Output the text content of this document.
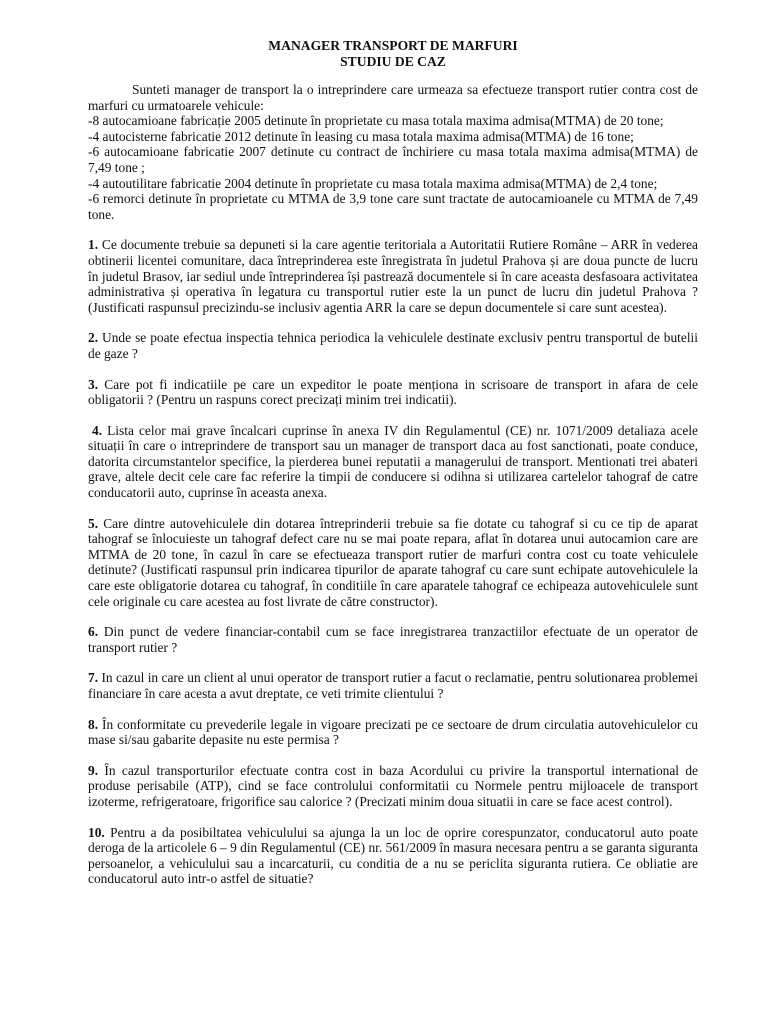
MANAGER TRANSPORT DE MARFURI
STUDIU DE CAZ
Sunteti manager de transport la o intreprindere care urmeaza sa efectueze transport rutier contra cost de marfuri cu urmatoarele vehicule:
-8 autocamioane fabricație 2005 detinute în proprietate cu masa totala maxima admisa(MTMA) de 20 tone;
-4 autocisterne fabricatie 2012 detinute în leasing cu masa totala maxima admisa(MTMA) de 16 tone;
-6 autocamioane fabricatie 2007 detinute cu contract de închiriere cu masa totala maxima admisa(MTMA) de 7,49 tone ;
-4 autoutilitare fabricatie 2004 detinute în proprietate cu masa totala maxima admisa(MTMA) de 2,4 tone;
-6 remorci detinute în proprietate cu MTMA de 3,9 tone care sunt tractate de autocamioanele cu MTMA de 7,49 tone.
1. Ce documente trebuie sa depuneti si la care agentie teritoriala a Autoritatii Rutiere Române – ARR în vederea obtinerii licentei comunitare, daca întreprinderea este înregistrata în judetul Prahova și are doua puncte de lucru în judetul Brasov, iar sediul unde întreprinderea își pastrează documentele si în care aceasta desfasoara activitatea administrativa și operativa în legatura cu transportul rutier este la un punct de lucru din judetul Prahova ? (Justificati raspunsul precizindu-se inclusiv agentia ARR la care se depun documentele si care sunt acestea).
2. Unde se poate efectua inspectia tehnica periodica la vehiculele destinate exclusiv pentru transportul de butelii de gaze ?
3. Care pot fi indicatiile pe care un expeditor le poate menționa in scrisoare de transport in afara de cele obligatorii ? (Pentru un raspuns corect precizați minim trei indicatii).
4. Lista celor mai grave încalcari cuprinse în anexa IV din Regulamentul (CE) nr. 1071/2009 detaliaza acele situații în care o intreprindere de transport sau un manager de transport daca au fost sanctionati, poate conduce, datorita circumstantelor specifice, la pierderea bunei reputatii a managerului de transport. Mentionati trei abateri grave, altele decit cele care fac referire la timpii de conducere si odihna si utilizarea cartelelor tahograf de catre conducatorii auto, cuprinse în aceasta anexa.
5. Care dintre autovehiculele din dotarea întreprinderii trebuie sa fie dotate cu tahograf si cu ce tip de aparat tahograf se înlocuieste un tahograf defect care nu se mai poate repara, aflat în dotarea unui autocamion care are MTMA de 20 tone, în cazul în care se efectueaza transport rutier de marfuri contra cost cu toate vehiculele detinute? (Justificati raspunsul prin indicarea tipurilor de aparate tahograf cu care sunt echipate autovehiculele la care este obligatorie dotarea cu tahograf, în conditiile în care aparatele tahograf ce echipeaza autovehiculele sunt cele originale cu care acestea au fost livrate de către constructor).
6. Din punct de vedere financiar-contabil cum se face inregistrarea tranzactiilor efectuate de un operator de transport rutier ?
7. In cazul in care un client al unui operator de transport rutier a facut o reclamatie, pentru solutionarea problemei financiare în care acesta a avut dreptate, ce veti trimite clientului ?
8. În conformitate cu prevederile legale in vigoare precizati pe ce sectoare de drum circulatia autovehiculelor cu mase si/sau gabarite depasite nu este permisa ?
9. În cazul transporturilor efectuate contra cost in baza Acordului cu privire la transportul international de produse perisabile (ATP), cind se face controlului conformitatii cu Normele pentru mijloacele de transport izoterme, refrigeratoare, frigorifice sau calorice ? (Precizati minim doua situatii in care se face acest control).
10. Pentru a da posibiltatea vehiculului sa ajunga la un loc de oprire corespunzator, conducatorul auto poate deroga de la articolele 6 – 9 din Regulamentul (CE) nr. 561/2009 în masura necesara pentru a se garanta siguranta persoanelor, a vehiculului sau a incarcaturii, cu conditia de a nu se periclita siguranta rutiera. Ce obliatie are conducatorul auto intr-o astfel de situatie?
